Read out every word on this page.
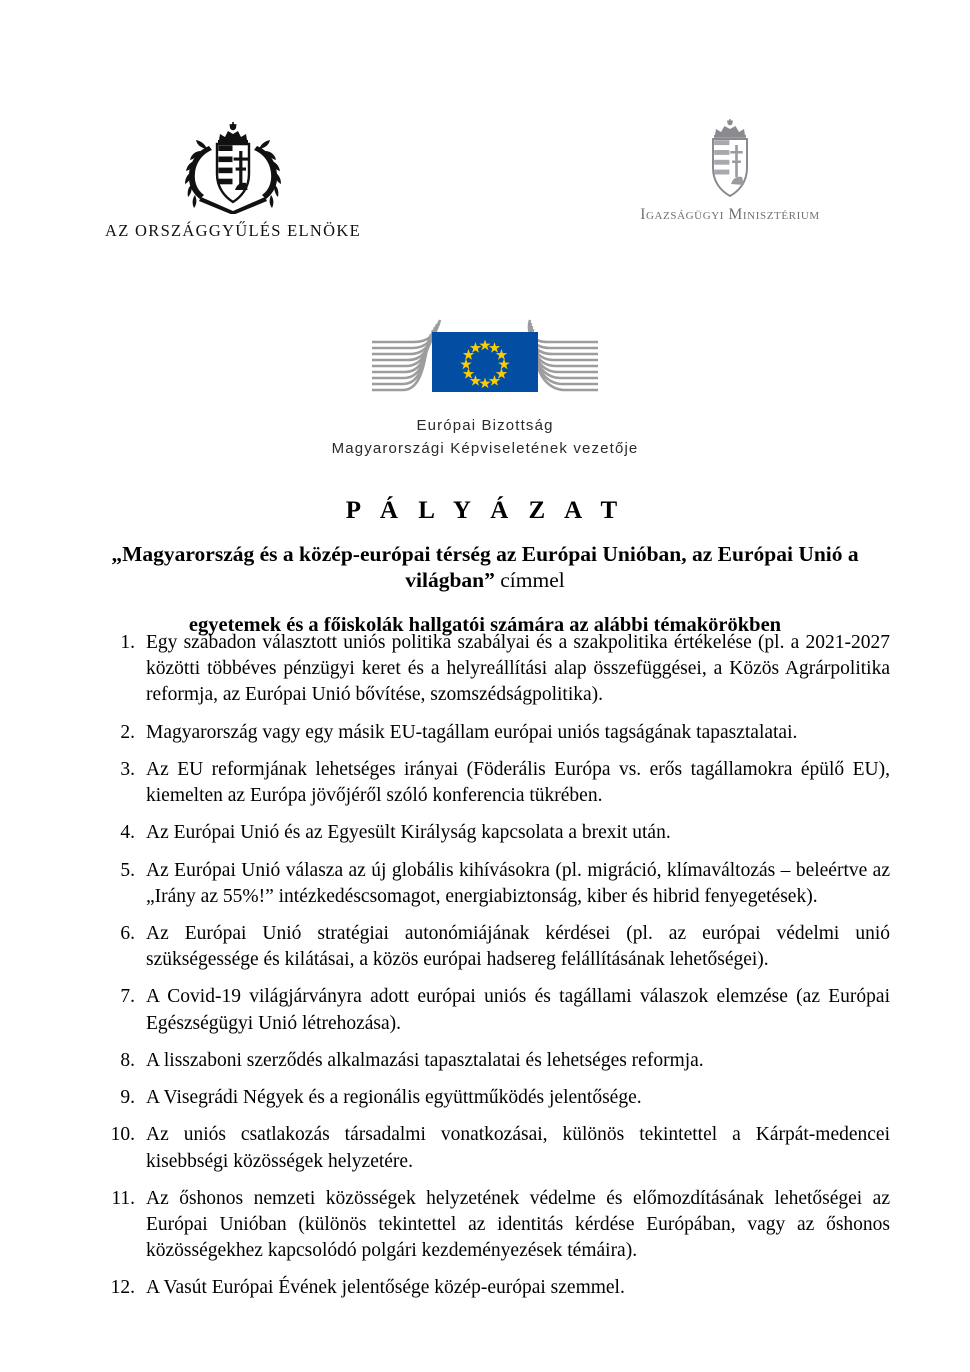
AZ ORSZÁGGYŰLÉS ELNÖKE
Igazságügyi Minisztérium
Európai Bizottság
Magyarországi Képviseletének vezetője
P Á L Y Á Z A T
„Magyarország és a közép-európai térség az Európai Unióban, az Európai Unió a világban” címmel
egyetemek és a főiskolák hallgatói számára az alábbi témakörökben
1. Egy szabadon választott uniós politika szabályai és a szakpolitika értékelése (pl. a 2021-2027 közötti többéves pénzügyi keret és a helyreállítási alap összefüggései, a Közös Agrárpolitika reformja, az Európai Unió bővítése, szomszédságpolitika).
2. Magyarország vagy egy másik EU-tagállam európai uniós tagságának tapasztalatai.
3. Az EU reformjának lehetséges irányai (Föderális Európa vs. erős tagállamokra épülő EU), kiemelten az Európa jövőjéről szóló konferencia tükrében.
4. Az Európai Unió és az Egyesült Királyság kapcsolata a brexit után.
5. Az Európai Unió válasza az új globális kihívásokra (pl. migráció, klímaváltozás – beleértve az „Irány az 55%!” intézkedéscsomagot, energiabiztonság, kiber és hibrid fenyegetések).
6. Az Európai Unió stratégiai autonómiájának kérdései (pl. az európai védelmi unió szükségessége és kilátásai, a közös európai hadsereg felállításának lehetőségei).
7. A Covid-19 világjárványra adott európai uniós és tagállami válaszok elemzése (az Európai Egészségügyi Unió létrehozása).
8. A lisszaboni szerződés alkalmazási tapasztalatai és lehetséges reformja.
9. A Visegrádi Négyek és a regionális együttműködés jelentősége.
10. Az uniós csatlakozás társadalmi vonatkozásai, különös tekintettel a Kárpát-medencei kisebbségi közösségek helyzetére.
11. Az őshonos nemzeti közösségek helyzetének védelme és előmozdításának lehetőségei az Európai Unióban (különös tekintettel az identitás kérdése Európában, vagy az őshonos közösségekhez kapcsolódó polgári kezdeményezések témáira).
12. A Vasút Európai Évének jelentősége közép-európai szemmel.
